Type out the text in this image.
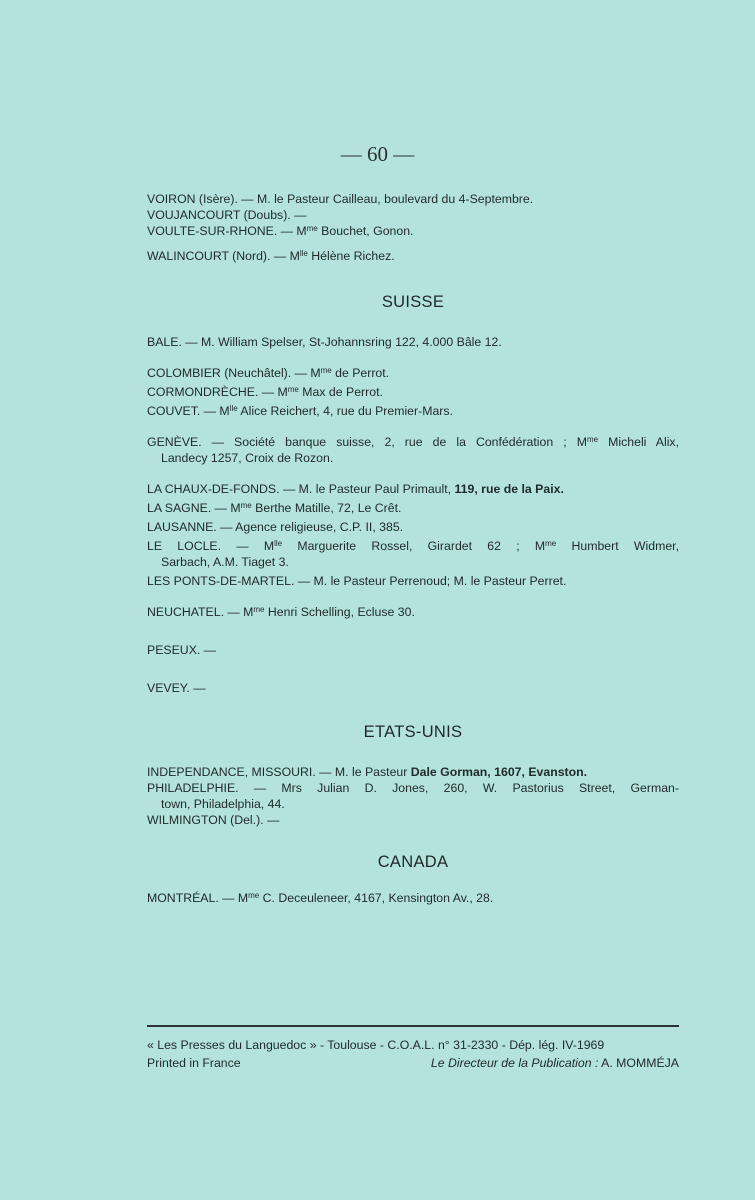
— 60 —

VOIRON (Isère). — M. le Pasteur Cailleau, boulevard du 4-Septembre.

VOUJANCOURT (Doubs). —

VOULTE-SUR-RHONE. — $M^{me}$ Bouchet, Gonon.

WALINCOURT (Nord). — $M^{lle}$ Hélène Richez.

SUISSE

BALE. — M. William Spelser, St-Johannsring 122, 4.000 Bâle 12.

COLOMBIER (Neuchâtel). — $M^{me}$ de Perrot.

CORMONDRÈCHE. — $M^{me}$ Max de Perrot.

COUVET. — $M^{lle}$ Alice Reichert, 4, rue du Premier-Mars.

GENÈVE. — Société banque suisse, 2, rue de la Confédération ; $M^{me}$ Micheli Alix,
Landecy 1257, Croix de Rozon.

LA CHAUX-DE-FONDS. — M. le Pasteur Paul Primault, 119, rue de la Paix.

LA SAGNE. — $M^{me}$ Berthe Matille, 72, Le Crêt.

LAUSANNE. — Agence religieuse, C.P. II, 385.

LE LOCLE. — $M^{lle}$ Marguerite Rossel, Girardet 62 ; $M^{me}$ Humbert Widmer,
Sarbach, A.M. Tiaget 3.

LES PONTS-DE-MARTEL. — M. le Pasteur Perrenoud; M. le Pasteur Perret.

NEUCHATEL. — $M^{me}$ Henri Schelling, Ecluse 30.

PESEUX. —

VEVEY. —

ETATS-UNIS

INDEPENDANCE, MISSOURI. — M. le Pasteur Dale Gorman, 1607, Evanston.

PHILADELPHIE. — Mrs Julian D. Jones, 260, W. Pastorius Street, German-
town, Philadelphia, 44.

WILMINGTON (Del.). —

CANADA

MONTRÉAL. — $M^{me}$ C. Deceuleneer, 4167, Kensington Av., 28.

« Les Presses du Languedoc » - Toulouse - C.O.A.L. n° 31-2330 - Dép. lég. IV-1969
Printed in France	Le Directeur de la Publication : A. MOMMÉJA
